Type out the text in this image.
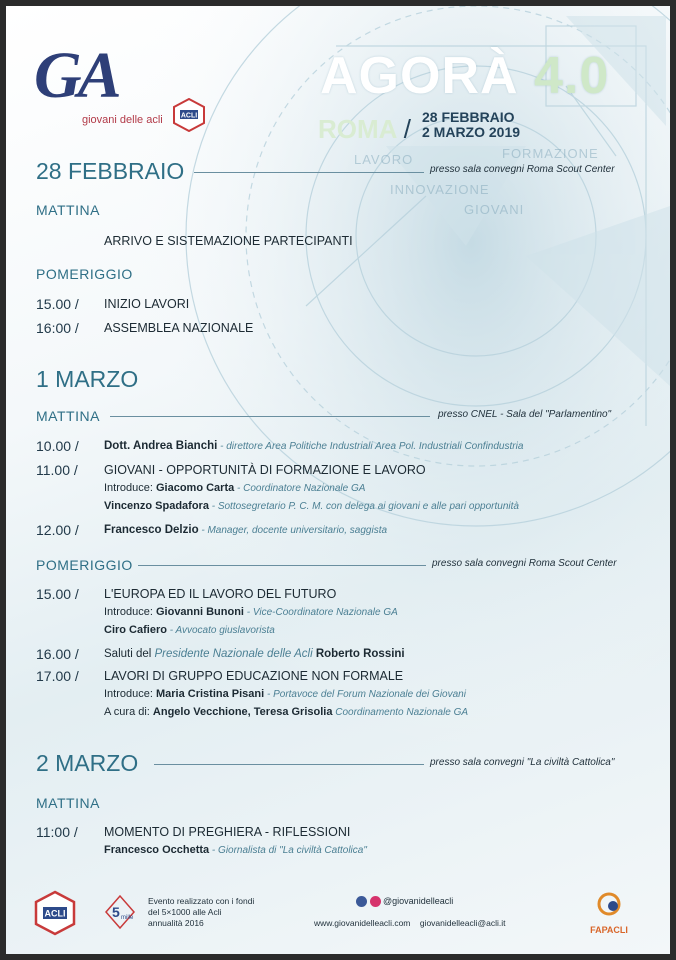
GA
giovani delle acli	ACLI
AGORÀ 4.0
ROMA / 28 FEBBRAIO
2 MARZO 2019
LAVORO	FORMAZIONE
INNOVAZIONE
GIOVANI
28 FEBBRAIO	presso sala convegni Roma Scout Center
MATTINA
ARRIVO E SISTEMAZIONE PARTECIPANTI
POMERIGGIO
15.00 /	INIZIO LAVORI
16:00 /	ASSEMBLEA NAZIONALE
1 MARZO
MATTINA	presso CNEL - Sala del "Parlamentino"
10.00 /	Dott. Andrea Bianchi - direttore Area Politiche Industriali Area Pol. Industriali Confindustria
11.00 /	GIOVANI - OPPORTUNITÀ DI FORMAZIONE E LAVORO
Introduce: Giacomo Carta - Coordinatore Nazionale GA
Vincenzo Spadafora - Sottosegretario P. C. M. con delega ai giovani e alle pari opportunità
12.00 /	Francesco Delzio - Manager, docente universitario, saggista
POMERIGGIO	presso sala convegni Roma Scout Center
15.00 /	L'EUROPA ED IL LAVORO DEL FUTURO
Introduce: Giovanni Bunoni - Vice-Coordinatore Nazionale GA
Ciro Cafiero - Avvocato giuslavorista
16.00 /	Saluti del Presidente Nazionale delle Acli Roberto Rossini
17.00 /	LAVORI DI GRUPPO EDUCAZIONE NON FORMALE
Introduce: Maria Cristina Pisani - Portavoce del Forum Nazionale dei Giovani
A cura di: Angelo Vecchione, Teresa Grisolia Coordinamento Nazionale GA
2 MARZO	presso sala convegni "La civiltà Cattolica"
MATTINA
11:00 /	MOMENTO DI PREGHIERA - RIFLESSIONI
Francesco Occhetta - Giornalista di "La civiltà Cattolica"
ACLI	5 mille
Evento realizzato con i fondi
del 5×1000 alle Acli
annualità 2016
@giovanidelleacli
www.giovanidelleacli.com giovanidelleacli@acli.it
FAPACLI
